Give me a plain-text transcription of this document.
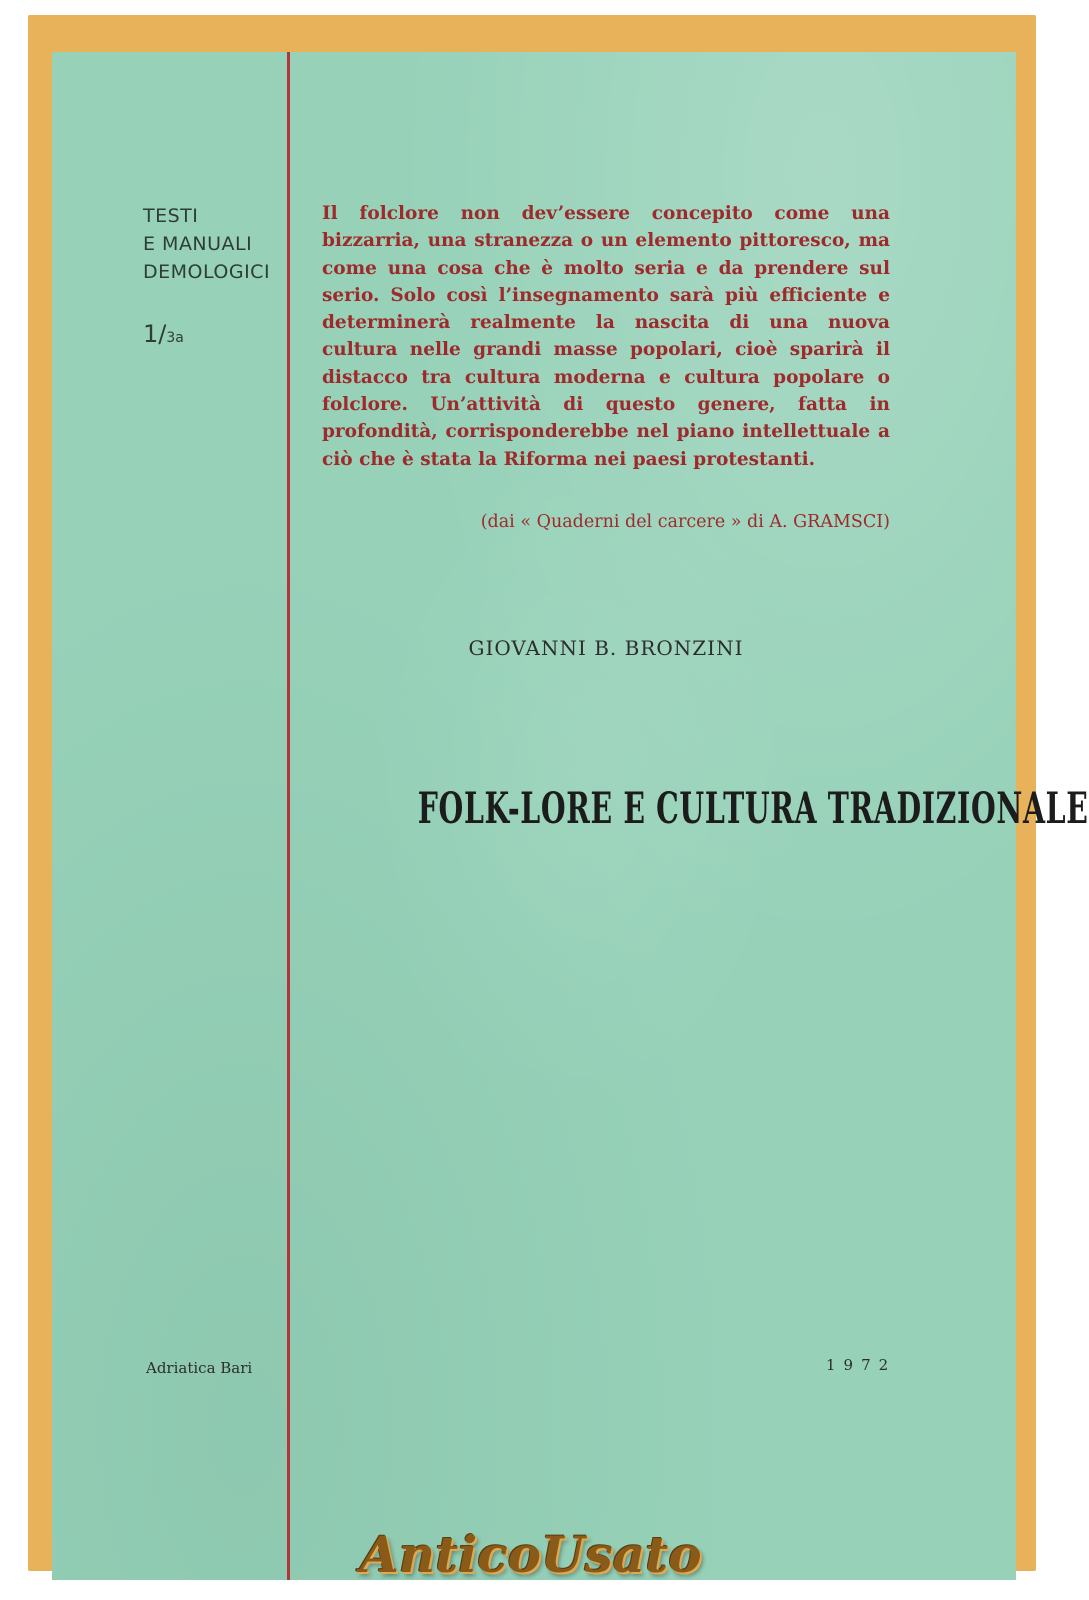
TESTI
E MANUALI
DEMOLOGICI
1/3a

Il folclore non dev’essere concepito come una bizzarria, una stranezza o un elemento pittoresco, ma come una cosa che è molto seria e da prendere sul serio. Solo così l’insegnamento sarà più efficiente e determinerà realmente la nascita di una nuova cultura nelle grandi masse popolari, cioè sparirà il distacco tra cultura moderna e cultura popolare o folclore. Un’attività di questo genere, fatta in profondità, corrisponderebbe nel piano intellettuale a ciò che è stata la Riforma nei paesi protestanti.

(dai « Quaderni del carcere » di A. GRAMSCI)
GIOVANNI B. BRONZINI
FOLK-LORE E CULTURA TRADIZIONALE
Adriatica Bari	1972
AnticoUsato
